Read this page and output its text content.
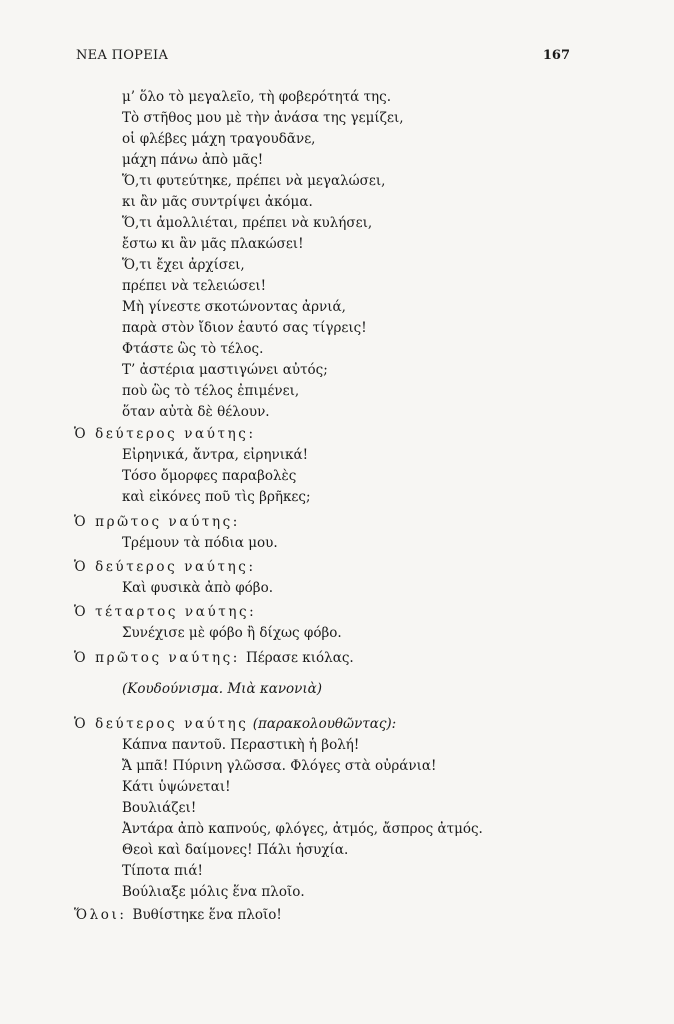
ΝΕΑ ΠΟΡΕΙΑ	167
μ’ ὅλο τὸ μεγαλεῖο, τὴ φοβερότητά της.
Τὸ στῆθος μου μὲ τὴν ἀνάσα της γεμίζει,
οἱ φλέβες μάχη τραγουδᾶνε,
μάχη πάνω ἀπὸ μᾶς!
Ὅ,τι φυτεύτηκε, πρέπει νὰ μεγαλώσει,
κι ἂν μᾶς συντρίψει ἀκόμα.
Ὅ,τι ἀμολλιέται, πρέπει νὰ κυλήσει,
ἔστω κι ἂν μᾶς πλακώσει!
Ὅ,τι ἔχει ἀρχίσει,
πρέπει νὰ τελειώσει!
Μὴ γίνεστε σκοτώνοντας ἀρνιά,
παρὰ στὸν ἴδιον ἑαυτό σας τίγρεις!
Φτάστε ὣς τὸ τέλος.
Τ’ ἀστέρια μαστιγώνει αὐτός;
ποὺ ὣς τὸ τέλος ἐπιμένει,
ὅταν αὐτὰ δὲ θέλουν.
Ὁ δεύτερος ναύτης:
Εἰρηνικά, ἄντρα, εἰρηνικά!
Τόσο ὄμορφες παραβολὲς
καὶ εἰκόνες ποῦ τὶς βρῆκες;
Ὁ πρῶτος ναύτης:
Τρέμουν τὰ πόδια μου.
Ὁ δεύτερος ναύτης:
Καὶ φυσικὰ ἀπὸ φόβο.
Ὁ τέταρτος ναύτης:
Συνέχισε μὲ φόβο ἢ δίχως φόβο.
Ὁ πρῶτος ναύτης: Πέρασε κιόλας.
(Κουδούνισμα. Μιὰ κανονιὰ)
Ὁ δεύτερος ναύτης (παρακολουθῶντας):
Κάπνα παντοῦ. Περαστικὴ ἡ βολή!
Ἄ μπᾶ! Πύρινη γλῶσσα. Φλόγες στὰ οὐράνια!
Κάτι ὑψώνεται!
Βουλιάζει!
Ἀντάρα ἀπὸ καπνούς, φλόγες, ἀτμός, ἄσπρος ἀτμός.
Θεοὶ καὶ δαίμονες! Πάλι ἡσυχία.
Τίποτα πιά!
Βούλιαξε μόλις ἕνα πλοῖο.
Ὅλοι: Βυθίστηκε ἕνα πλοῖο!
